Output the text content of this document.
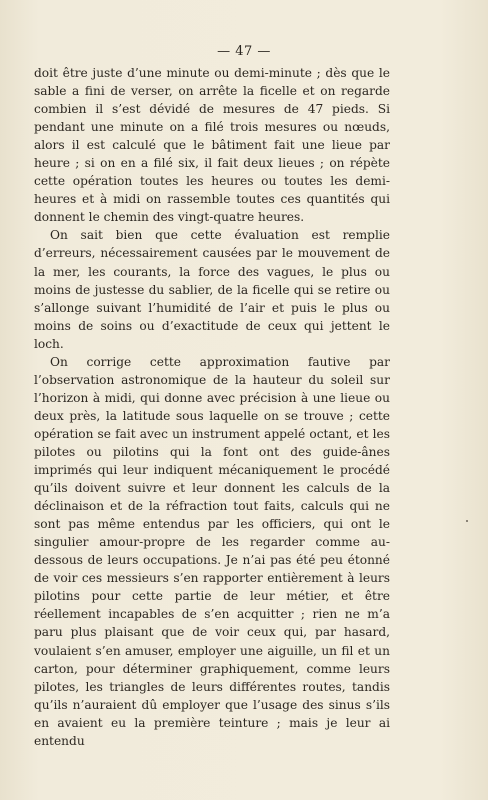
— 47 —

doit être juste d’une minute ou demi-minute ; dès que le sable a fini de verser, on arrête la ficelle et on regarde combien il s’est dévidé de mesures de 47 pieds. Si pendant une minute on a filé trois mesures ou nœuds, alors il est calculé que le bâtiment fait une lieue par heure ; si on en a filé six, il fait deux lieues ; on répète cette opération toutes les heures ou toutes les demi-heures et à midi on rassemble toutes ces quantités qui donnent le chemin des vingt-quatre heures.

On sait bien que cette évaluation est remplie d’erreurs, nécessairement causées par le mouvement de la mer, les courants, la force des vagues, le plus ou moins de justesse du sablier, de la ficelle qui se retire ou s’allonge suivant l’humidité de l’air et puis le plus ou moins de soins ou d’exactitude de ceux qui jettent le loch.

On corrige cette approximation fautive par l’observation astronomique de la hauteur du soleil sur l’horizon à midi, qui donne avec précision à une lieue ou deux près, la latitude sous laquelle on se trouve ; cette opération se fait avec un instrument appelé octant, et les pilotes ou pilotins qui la font ont des guide-ânes imprimés qui leur indiquent mécaniquement le procédé qu’ils doivent suivre et leur donnent les calculs de la déclinaison et de la réfraction tout faits, calculs qui ne sont pas même entendus par les officiers, qui ont le singulier amour-propre de les regarder comme au-dessous de leurs occupations. Je n’ai pas été peu étonné de voir ces messieurs s’en rapporter entièrement à leurs pilotins pour cette partie de leur métier, et être réellement incapables de s’en acquitter ; rien ne m’a paru plus plaisant que de voir ceux qui, par hasard, voulaient s’en amuser, employer une aiguille, un fil et un carton, pour déterminer graphiquement, comme leurs pilotes, les triangles de leurs différentes routes, tandis qu’ils n’auraient dû employer que l’usage des sinus s’ils en avaient eu la première teinture ; mais je leur ai entendu
